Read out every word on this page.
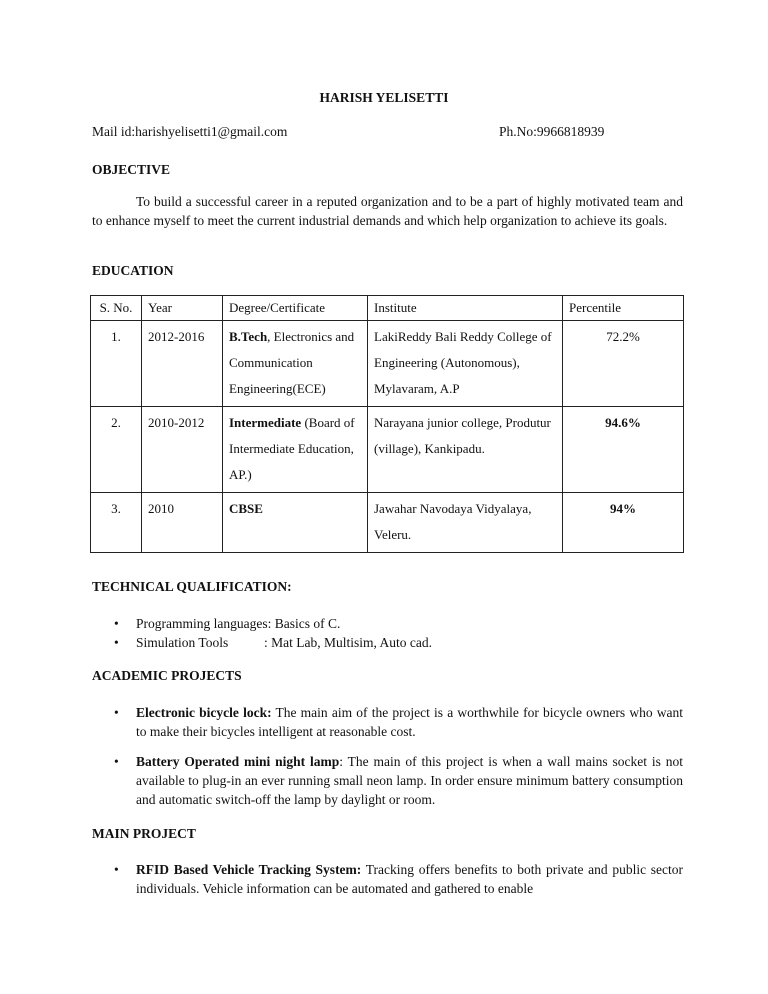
HARISH YELISETTI
Mail id:harishyelisetti1@gmail.com	Ph.No:9966818939
OBJECTIVE
To build a successful career in a reputed organization and to be a part of highly motivated team and to enhance myself to meet the current industrial demands and which help organization to achieve its goals.
EDUCATION
S. No.	Year	Degree/Certificate	Institute	Percentile
1.	2012-2016	B.Tech, Electronics and Communication Engineering(ECE)	LakiReddy Bali Reddy College of Engineering (Autonomous), Mylavaram, A.P	72.2%
2.	2010-2012	Intermediate (Board of Intermediate Education, AP.)	Narayana junior college, Produtur (village), Kankipadu.	94.6%
3.	2010	CBSE	Jawahar Navodaya Vidyalaya, Veleru.	94%
TECHNICAL QUALIFICATION:
• Programming languages: Basics of C.
• Simulation Tools	: Mat Lab, Multisim, Auto cad.
ACADEMIC PROJECTS
• Electronic bicycle lock: The main aim of the project is a worthwhile for bicycle owners who want to make their bicycles intelligent at reasonable cost.
• Battery Operated mini night lamp: The main of this project is when a wall mains socket is not available to plug-in an ever running small neon lamp. In order ensure minimum battery consumption and automatic switch-off the lamp by daylight or room.
MAIN PROJECT
• RFID Based Vehicle Tracking System: Tracking offers benefits to both private and public sector individuals. Vehicle information can be automated and gathered to enable
